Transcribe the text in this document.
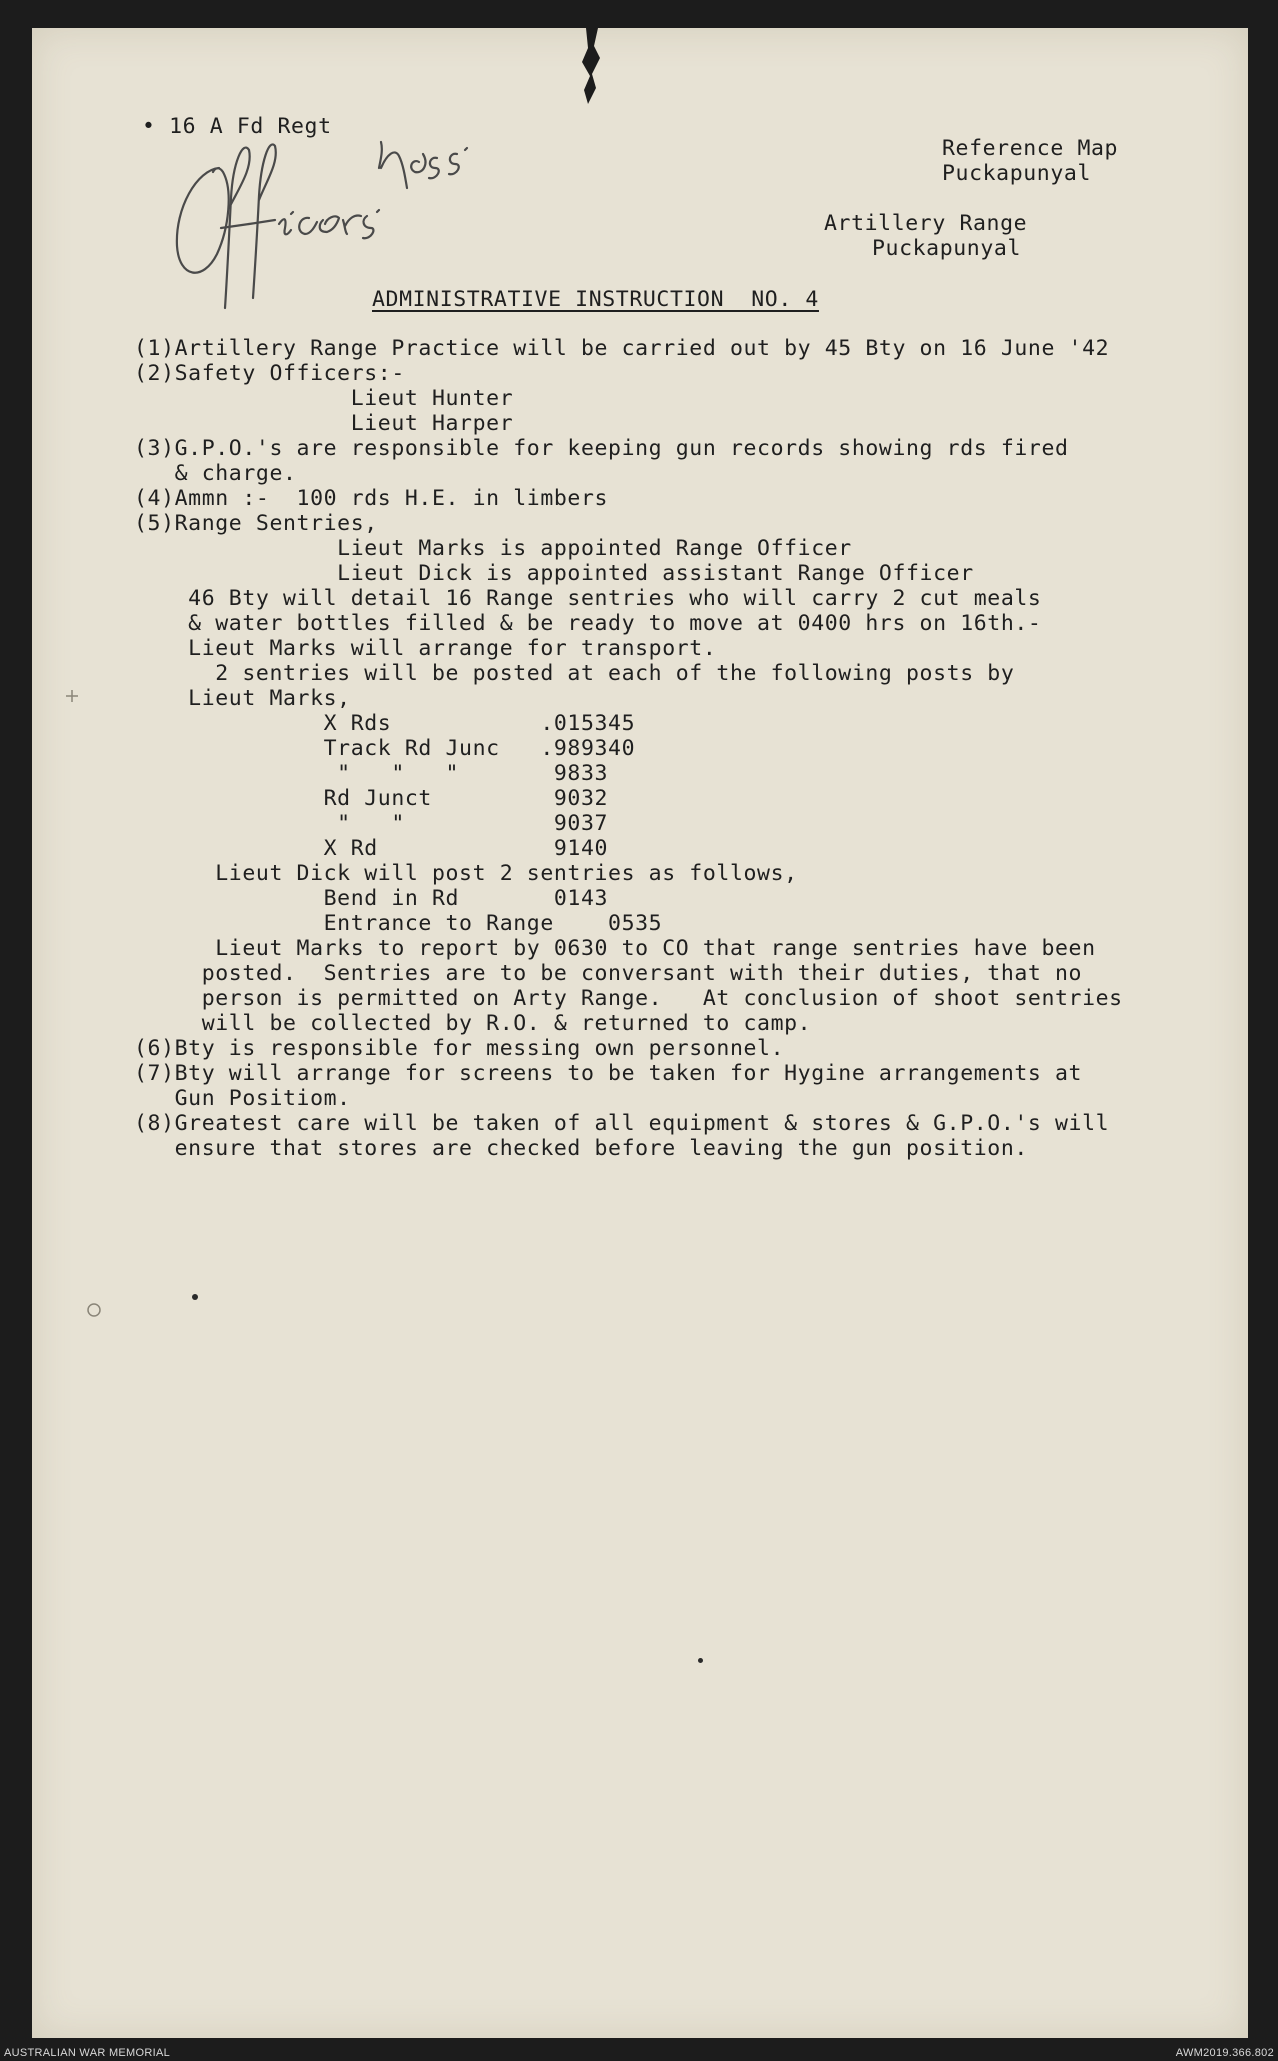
• 16 A Fd Regt
Reference Map
Puckapunyal
Artillery Range
Puckapunyal
ADMINISTRATIVE INSTRUCTION  NO. 4
(1)Artillery Range Practice will be carried out by 45 Bty on 16 June '42
(2)Safety Officers:-
Lieut Hunter
Lieut Harper
(3)G.P.O.'s are responsible for keeping gun records showing rds fired
& charge.
(4)Ammn :-  100 rds H.E. in limbers
(5)Range Sentries,
Lieut Marks is appointed Range Officer
Lieut Dick is appointed assistant Range Officer
46 Bty will detail 16 Range sentries who will carry 2 cut meals
& water bottles filled & be ready to move at 0400 hrs on 16th.-
Lieut Marks will arrange for transport.
2 sentries will be posted at each of the following posts by
Lieut Marks,
X Rds           .015345
Track Rd Junc   .989340
"   "   "       9833
Rd Junct         9032
"   "           9037
X Rd             9140
Lieut Dick will post 2 sentries as follows,
Bend in Rd       0143
Entrance to Range    0535
Lieut Marks to report by 0630 to CO that range sentries have been
posted.  Sentries are to be conversant with their duties, that no
person is permitted on Arty Range.   At conclusion of shoot sentries
will be collected by R.O. & returned to camp.
(6)Bty is responsible for messing own personnel.
(7)Bty will arrange for screens to be taken for Hygine arrangements at
Gun Positiom.
(8)Greatest care will be taken of all equipment & stores & G.P.O.'s will
ensure that stores are checked before leaving the gun position.
AUSTRALIAN WAR MEMORIAL	AWM2019.366.802
